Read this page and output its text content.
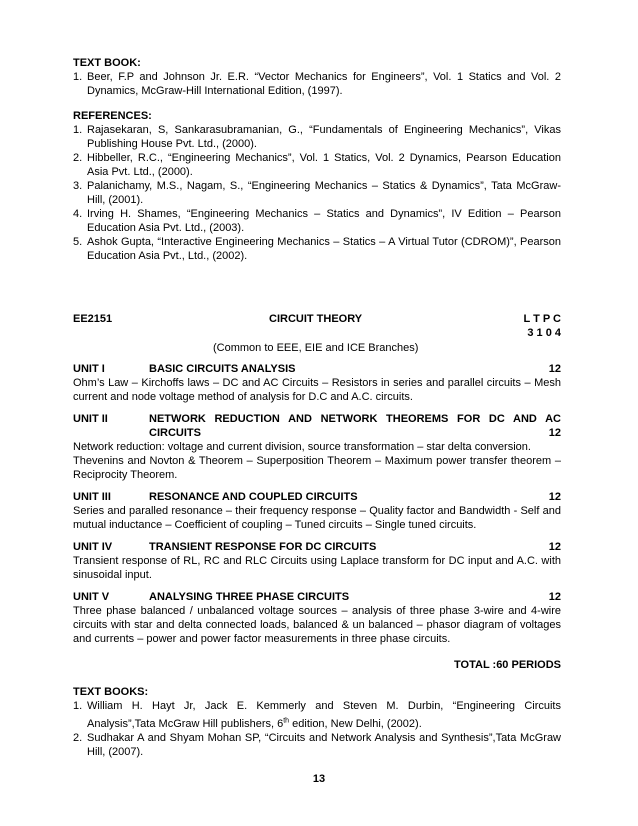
TEXT BOOK:
1. Beer, F.P and Johnson Jr. E.R. “Vector Mechanics for Engineers”, Vol. 1 Statics and Vol. 2 Dynamics, McGraw-Hill International Edition, (1997).
REFERENCES:
1. Rajasekaran, S, Sankarasubramanian, G., “Fundamentals of Engineering Mechanics”, Vikas Publishing House Pvt. Ltd., (2000).
2. Hibbeller, R.C., “Engineering Mechanics”, Vol. 1 Statics, Vol. 2 Dynamics, Pearson Education Asia Pvt. Ltd., (2000).
3. Palanichamy, M.S., Nagam, S., “Engineering Mechanics – Statics & Dynamics”, Tata McGraw-Hill, (2001).
4. Irving H. Shames, “Engineering Mechanics – Statics and Dynamics”, IV Edition – Pearson Education Asia Pvt. Ltd., (2003).
5. Ashok Gupta, “Interactive Engineering Mechanics – Statics – A Virtual Tutor (CDROM)”, Pearson Education Asia Pvt., Ltd., (2002).
EE2151	CIRCUIT THEORY	L T P C
3 1 0 4
(Common to EEE, EIE and ICE Branches)
UNIT I	BASIC CIRCUITS ANALYSIS	12
Ohm’s Law – Kirchoffs laws – DC and AC Circuits – Resistors in series and parallel circuits – Mesh current and node voltage method of analysis for D.C and A.C. circuits.
UNIT II	NETWORK REDUCTION AND NETWORK THEOREMS FOR DC AND AC
CIRCUITS	12
Network reduction: voltage and current division, source transformation – star delta conversion.
Thevenins and Novton & Theorem – Superposition Theorem – Maximum power transfer theorem – Reciprocity Theorem.
UNIT III	RESONANCE AND COUPLED CIRCUITS	12
Series and paralled resonance – their frequency response – Quality factor and Bandwidth - Self and mutual inductance – Coefficient of coupling – Tuned circuits – Single tuned circuits.
UNIT IV	TRANSIENT RESPONSE FOR DC CIRCUITS	12
Transient response of RL, RC and RLC Circuits using Laplace transform for DC input and A.C. with sinusoidal input.
UNIT V	ANALYSING THREE PHASE CIRCUITS	12
Three phase balanced / unbalanced voltage sources – analysis of three phase 3-wire and 4-wire circuits with star and delta connected loads, balanced & un balanced – phasor diagram of voltages and currents – power and power factor measurements in three phase circuits.
TOTAL :60 PERIODS
TEXT BOOKS:
1. William H. Hayt Jr, Jack E. Kemmerly and Steven M. Durbin, “Engineering Circuits
Analysis”,Tata McGraw Hill publishers, 6th edition, New Delhi, (2002).
2. Sudhakar A and Shyam Mohan SP, “Circuits and Network Analysis and Synthesis”,Tata McGraw Hill, (2007).
13
